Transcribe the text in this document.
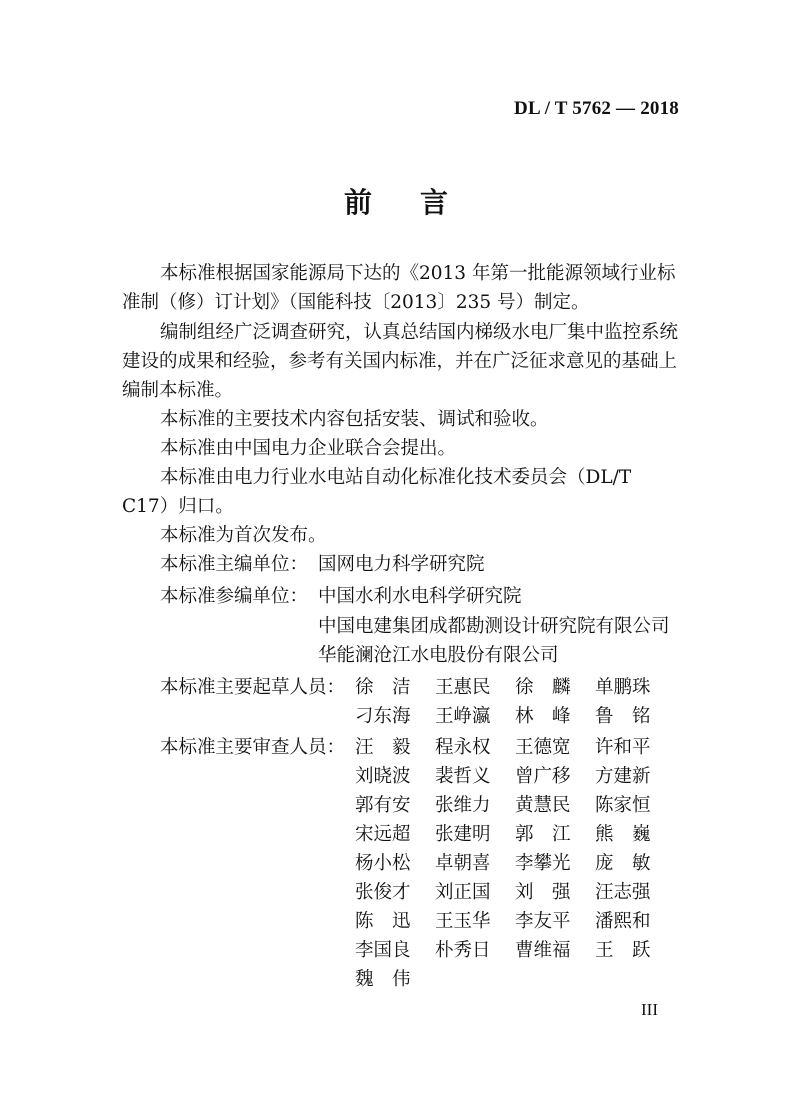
DL / T 5762 — 2018
前言

本标准根据国家能源局下达的《2013 年第一批能源领域行业标准制（修）订计划》（国能科技〔2013〕235 号）制定。

编制组经广泛调查研究，认真总结国内梯级水电厂集中监控系统建设的成果和经验，参考有关国内标准，并在广泛征求意见的基础上编制本标准。

本标准的主要技术内容包括安装、调试和验收。

本标准由中国电力企业联合会提出。

本标准由电力行业水电站自动化标准化技术委员会（DL/T C17）归口。

本标准为首次发布。

本标准主编单位： 国网电力科学研究院
本标准参编单位： 中国水利水电科学研究院
中国电建集团成都勘测设计研究院有限公司
华能澜沧江水电股份有限公司
本标准主要起草人员： 徐　洁 王惠民 徐　麟 单鹏珠
刁东海 王峥瀛 林　峰 鲁　铭
本标准主要审查人员： 汪　毅 程永权 王德宽 许和平
刘晓波 裴哲义 曾广移 方建新
郭有安 张维力 黄慧民 陈家恒
宋远超 张建明 郭　江 熊　巍
杨小松 卓朝喜 李攀光 庞　敏
张俊才 刘正国 刘　强 汪志强
陈　迅 王玉华 李友平 潘熙和
李国良 朴秀日 曹维福 王　跃
魏　伟
III
